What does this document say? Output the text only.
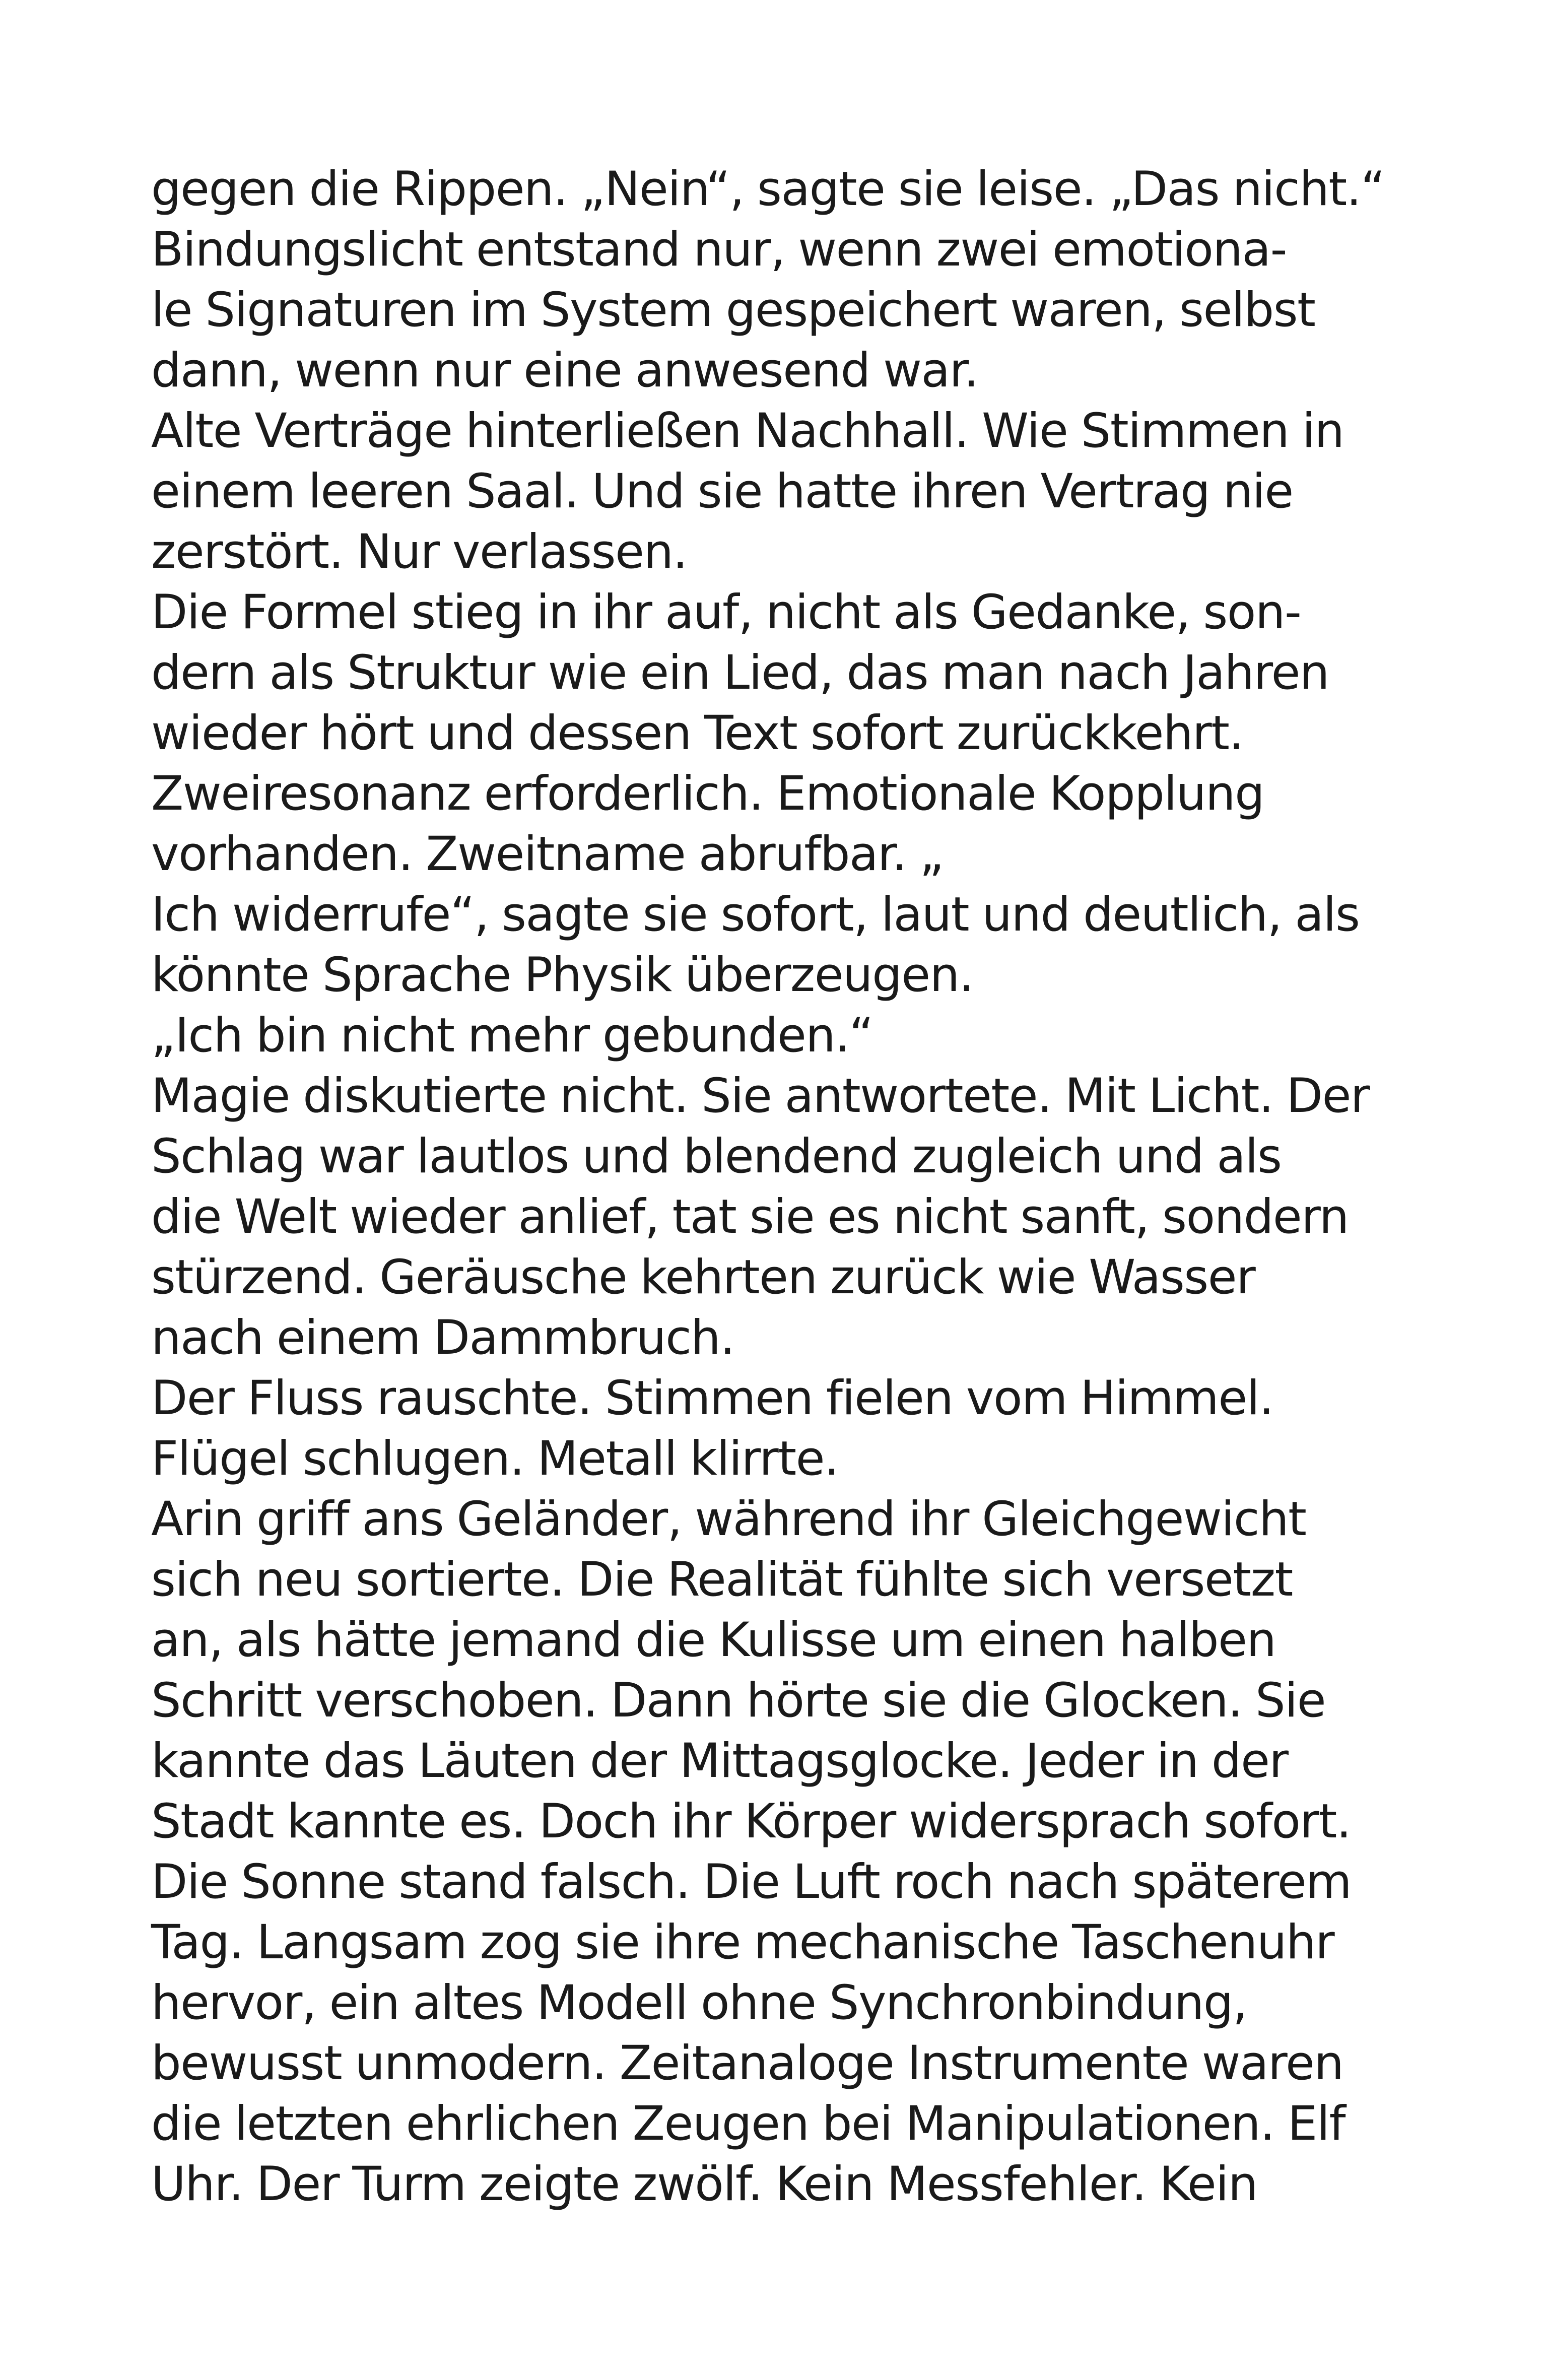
gegen die Rippen. „Nein“, sagte sie leise. „Das nicht.“
Bindungslicht entstand nur, wenn zwei emotiona-
le Signaturen im System gespeichert waren, selbst
dann, wenn nur eine anwesend war.
Alte Verträge hinterließen Nachhall. Wie Stimmen in
einem leeren Saal. Und sie hatte ihren Vertrag nie
zerstört. Nur verlassen.
Die Formel stieg in ihr auf, nicht als Gedanke, son-
dern als Struktur wie ein Lied, das man nach Jahren
wieder hört und dessen Text sofort zurückkehrt.
Zweiresonanz erforderlich. Emotionale Kopplung
vorhanden. Zweitname abrufbar. „
Ich widerrufe“, sagte sie sofort, laut und deutlich, als
könnte Sprache Physik überzeugen.
„Ich bin nicht mehr gebunden.“
Magie diskutierte nicht. Sie antwortete. Mit Licht. Der
Schlag war lautlos und blendend zugleich und als
die Welt wieder anlief, tat sie es nicht sanft, sondern
stürzend. Geräusche kehrten zurück wie Wasser
nach einem Dammbruch.
Der Fluss rauschte. Stimmen fielen vom Himmel.
Flügel schlugen. Metall klirrte.
Arin griff ans Geländer, während ihr Gleichgewicht
sich neu sortierte. Die Realität fühlte sich versetzt
an, als hätte jemand die Kulisse um einen halben
Schritt verschoben. Dann hörte sie die Glocken. Sie
kannte das Läuten der Mittagsglocke. Jeder in der
Stadt kannte es. Doch ihr Körper widersprach sofort.
Die Sonne stand falsch. Die Luft roch nach späterem
Tag. Langsam zog sie ihre mechanische Taschenuhr
hervor, ein altes Modell ohne Synchronbindung,
bewusst unmodern. Zeitanaloge Instrumente waren
die letzten ehrlichen Zeugen bei Manipulationen. Elf
Uhr. Der Turm zeigte zwölf. Kein Messfehler. Kein
